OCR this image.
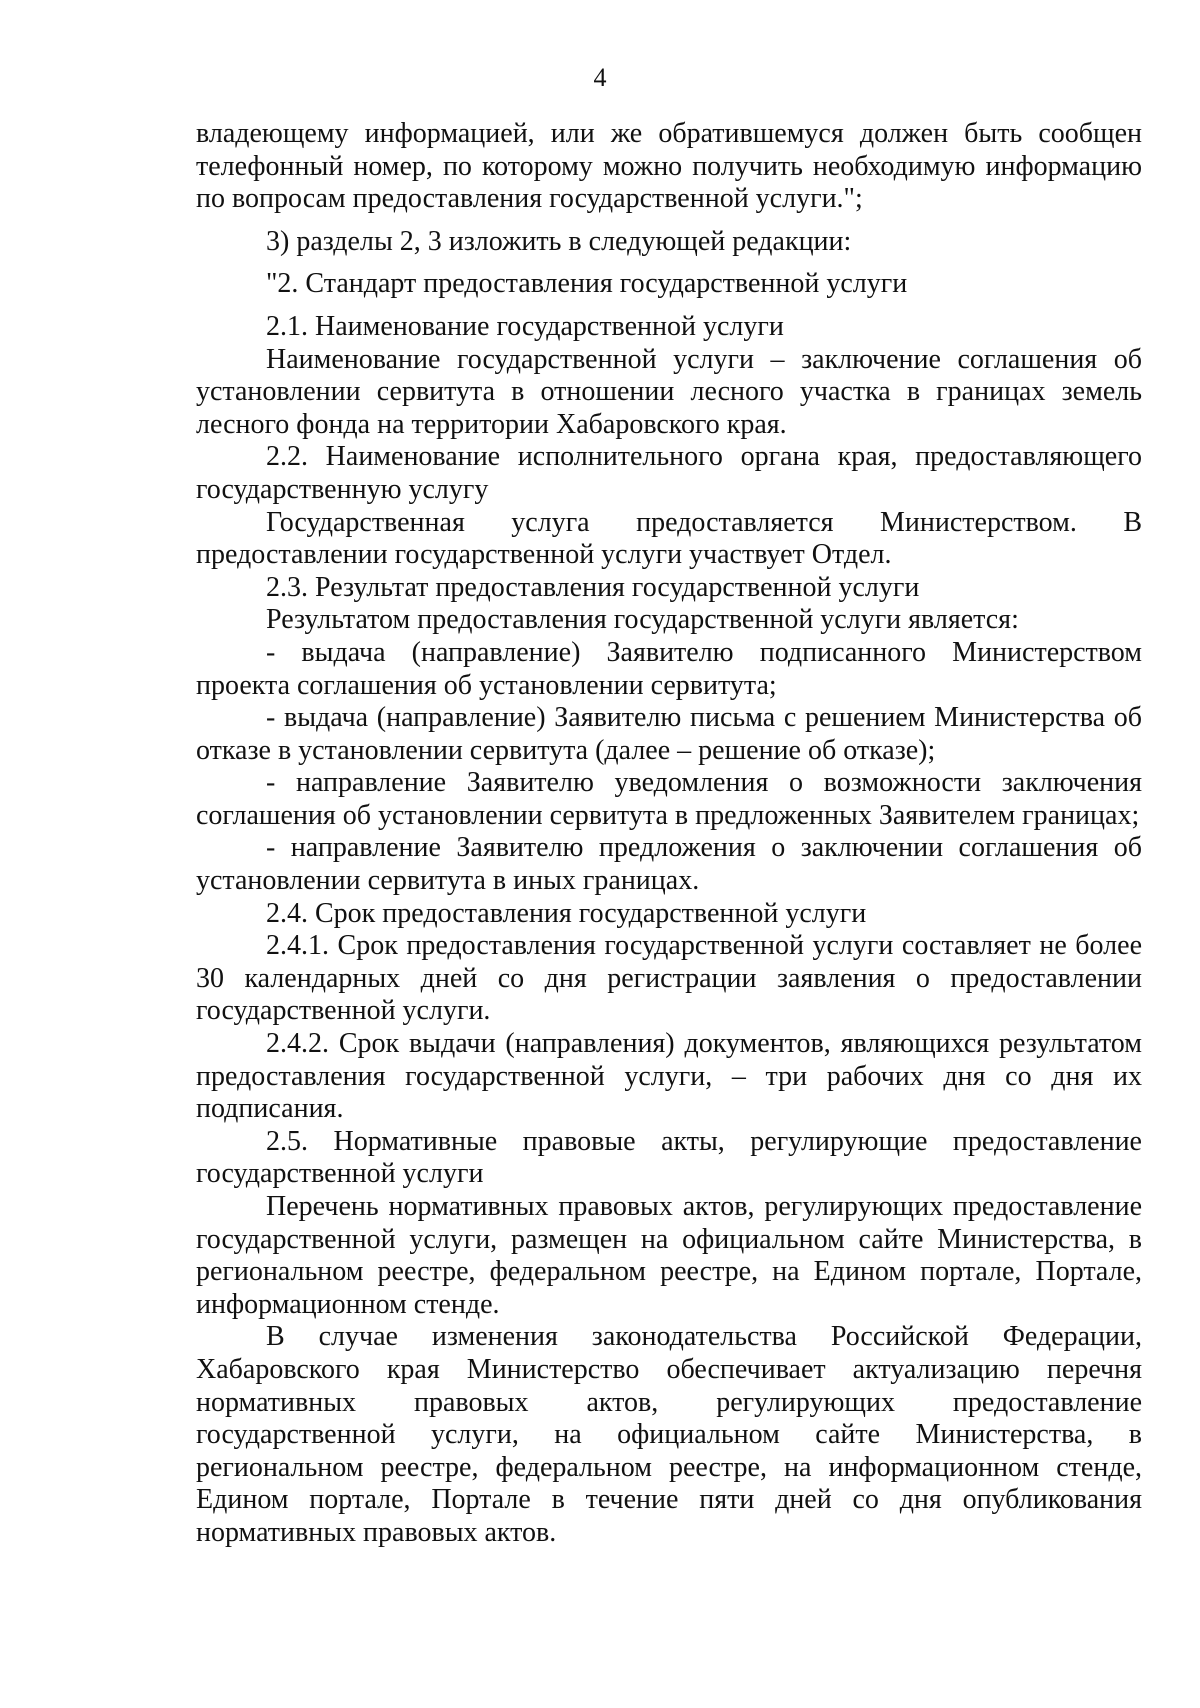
4

владеющему информацией, или же обратившемуся должен быть сообщен телефонный номер, по которому можно получить необходимую информацию по вопросам предоставления государственной услуги.";

3) разделы 2, 3 изложить в следующей редакции:

"2. Стандарт предоставления государственной услуги

2.1. Наименование государственной услуги

Наименование государственной услуги – заключение соглашения об установлении сервитута в отношении лесного участка в границах земель лесного фонда на территории Хабаровского края.

2.2. Наименование исполнительного органа края, предоставляющего государственную услугу

Государственная услуга предоставляется Министерством. В предоставлении государственной услуги участвует Отдел.

2.3. Результат предоставления государственной услуги

Результатом предоставления государственной услуги является:

- выдача (направление) Заявителю подписанного Министерством проекта соглашения об установлении сервитута;

- выдача (направление) Заявителю письма с решением Министерства об отказе в установлении сервитута (далее – решение об отказе);

- направление Заявителю уведомления о возможности заключения соглашения об установлении сервитута в предложенных Заявителем границах;

- направление Заявителю предложения о заключении соглашения об установлении сервитута в иных границах.

2.4. Срок предоставления государственной услуги

2.4.1. Срок предоставления государственной услуги составляет не более 30 календарных дней со дня регистрации заявления о предоставлении государственной услуги.

2.4.2. Срок выдачи (направления) документов, являющихся результатом предоставления государственной услуги, – три рабочих дня со дня их подписания.

2.5. Нормативные правовые акты, регулирующие предоставление государственной услуги

Перечень нормативных правовых актов, регулирующих предоставление государственной услуги, размещен на официальном сайте Министерства, в региональном реестре, федеральном реестре, на Едином портале, Портале, информационном стенде.

В случае изменения законодательства Российской Федерации, Хабаровского края Министерство обеспечивает актуализацию перечня нормативных правовых актов, регулирующих предоставление государственной услуги, на официальном сайте Министерства, в региональном реестре, федеральном реестре, на информационном стенде, Едином портале, Портале в течение пяти дней со дня опубликования нормативных правовых актов.
